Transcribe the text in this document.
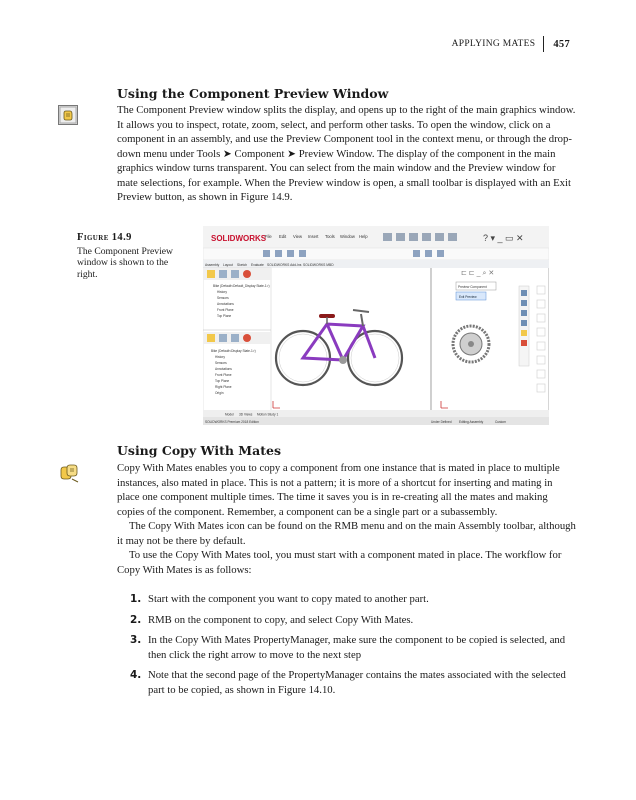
APPLYING MATES	457
Using the Component Preview Window

The Component Preview window splits the display, and opens up to the right of the main graphics window. It allows you to inspect, rotate, zoom, select, and perform other tasks. To open the window, click on a component in an assembly, and use the Preview Component tool in the context menu, or through the drop-down menu under Tools ➤ Component ➤ Preview Window. The display of the component in the main graphics window turns transparent. You can select from the main window and the Preview window for mate selections, for example. When the Preview window is open, a small toolbar is displayed with an Exit Preview button, as shown in Figure 14.9.

Figure 14.9
The Component Preview window is shown to the right.
SOLIDWORKS
File Edit View Insert Tools Window Help	? ▾ _ ▭ ✕
Assembly Layout Sketch Evaluate SOLIDWORKS Add-Ins SOLIDWORKS MBD
Bike (Default<Default_Display State-1>)
History
Sensors
Annotations
Front Plane
Top Plane
Bike (Default<Display State-1>)
History
Sensors
Annotations
Front Plane
Top Plane
Right Plane
Origin
⊏ ⊏ _ ⌕ ✕
Preview Component
Exit Preview
Model 3D Views Motion Study 1
SOLIDWORKS Premium 2018 Edition	Under Defined Editing Assembly	Custom
Using Copy With Mates

Copy With Mates enables you to copy a component from one instance that is mated in place to multiple instances, also mated in place. This is not a pattern; it is more of a shortcut for inserting and mating in place one component multiple times. The time it saves you is in re-creating all the mates and making copies of the component. Remember, a component can be a single part or a subassembly.

The Copy With Mates icon can be found on the RMB menu and on the main Assembly toolbar, although it may not be there by default.

To use the Copy With Mates tool, you must start with a component mated in place. The workflow for Copy With Mates is as follows:

1. Start with the component you want to copy mated to another part.
2. RMB on the component to copy, and select Copy With Mates.
3. In the Copy With Mates PropertyManager, make sure the component to be copied is selected, and then click the right arrow to move to the next step
4. Note that the second page of the PropertyManager contains the mates associated with the selected part to be copied, as shown in Figure 14.10.
